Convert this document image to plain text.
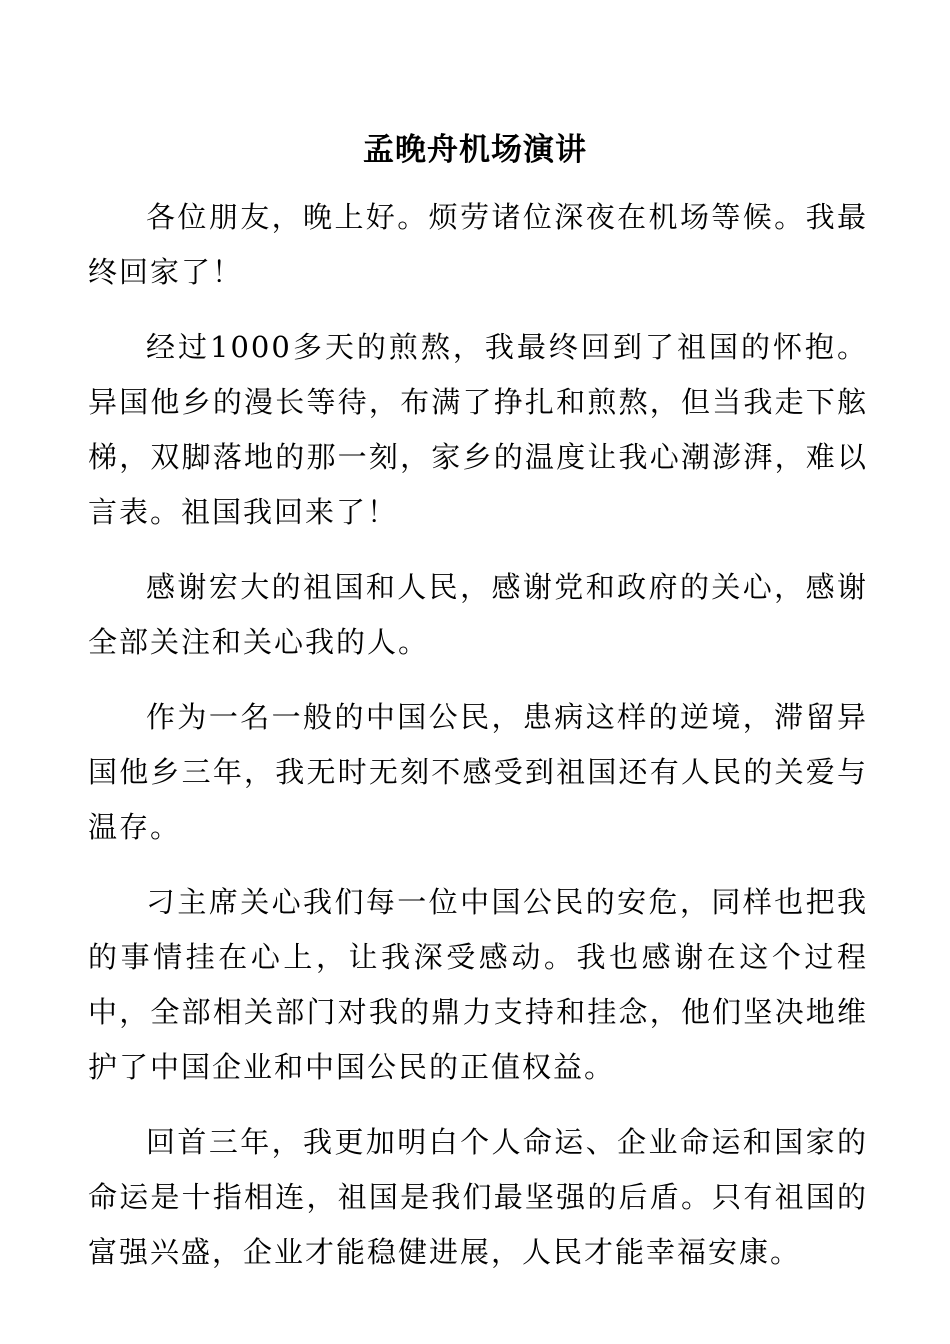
孟晚舟机场演讲

各位朋友，晚上好。烦劳诸位深夜在机场等候。我最终回家了！

经过1000多天的煎熬，我最终回到了祖国的怀抱。异国他乡的漫长等待，布满了挣扎和煎熬，但当我走下舷梯，双脚落地的那一刻，家乡的温度让我心潮澎湃，难以言表。祖国我回来了！

感谢宏大的祖国和人民，感谢党和政府的关心，感谢全部关注和关心我的人。

作为一名一般的中国公民，患病这样的逆境，滞留异国他乡三年，我无时无刻不感受到祖国还有人民的关爱与温存。

刁主席关心我们每一位中国公民的安危，同样也把我的事情挂在心上，让我深受感动。我也感谢在这个过程中，全部相关部门对我的鼎力支持和挂念，他们坚决地维护了中国企业和中国公民的正值权益。

回首三年，我更加明白个人命运、企业命运和国家的命运是十指相连，祖国是我们最坚强的后盾。只有祖国的富强兴盛，企业才能稳健进展，人民才能幸福安康。
